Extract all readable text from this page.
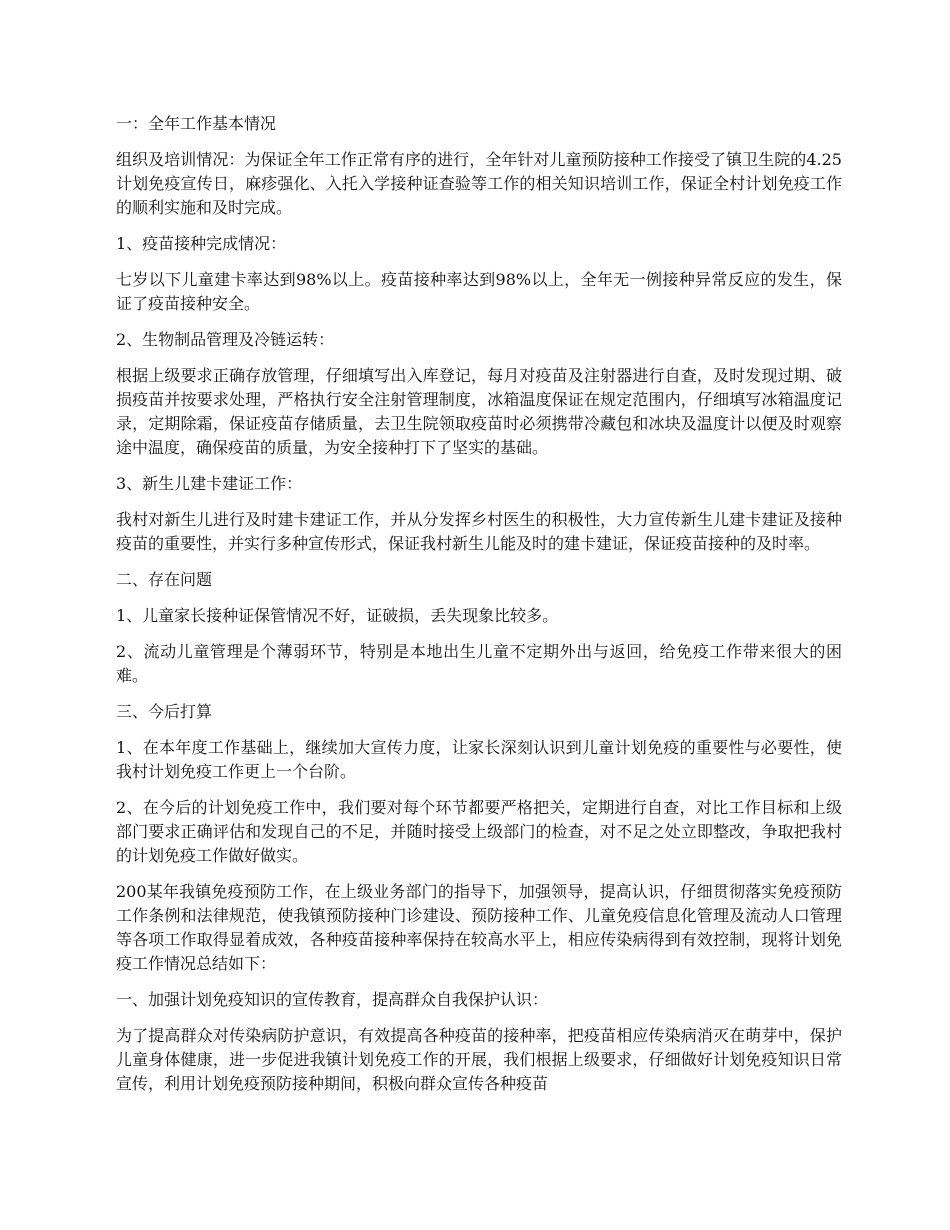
一：全年工作基本情况

组织及培训情况：为保证全年工作正常有序的进行，全年针对儿童预防接种工作接受了镇卫生院的4.25计划免疫宣传日，麻疹强化、入托入学接种证查验等工作的相关知识培训工作，保证全村计划免疫工作的顺利实施和及时完成。

1、疫苗接种完成情况：

七岁以下儿童建卡率达到98%以上。疫苗接种率达到98%以上，全年无一例接种异常反应的发生，保证了疫苗接种安全。

2、生物制品管理及冷链运转：

根据上级要求正确存放管理，仔细填写出入库登记，每月对疫苗及注射器进行自查，及时发现过期、破损疫苗并按要求处理，严格执行安全注射管理制度，冰箱温度保证在规定范围内，仔细填写冰箱温度记录，定期除霜，保证疫苗存储质量，去卫生院领取疫苗时必须携带冷藏包和冰块及温度计以便及时观察途中温度，确保疫苗的质量，为安全接种打下了坚实的基础。

3、新生儿建卡建证工作：

我村对新生儿进行及时建卡建证工作，并从分发挥乡村医生的积极性，大力宣传新生儿建卡建证及接种疫苗的重要性，并实行多种宣传形式，保证我村新生儿能及时的建卡建证，保证疫苗接种的及时率。

二、存在问题

1、儿童家长接种证保管情况不好，证破损，丢失现象比较多。

2、流动儿童管理是个薄弱环节，特别是本地出生儿童不定期外出与返回，给免疫工作带来很大的困难。

三、今后打算

1、在本年度工作基础上，继续加大宣传力度，让家长深刻认识到儿童计划免疫的重要性与必要性，使我村计划免疫工作更上一个台阶。

2、在今后的计划免疫工作中，我们要对每个环节都要严格把关，定期进行自查，对比工作目标和上级部门要求正确评估和发现自己的不足，并随时接受上级部门的检查，对不足之处立即整改，争取把我村的计划免疫工作做好做实。

200某年我镇免疫预防工作，在上级业务部门的指导下，加强领导，提高认识，仔细贯彻落实免疫预防工作条例和法律规范，使我镇预防接种门诊建设、预防接种工作、儿童免疫信息化管理及流动人口管理等各项工作取得显着成效，各种疫苗接种率保持在较高水平上，相应传染病得到有效控制，现将计划免疫工作情况总结如下：

一、加强计划免疫知识的宣传教育，提高群众自我保护认识：

为了提高群众对传染病防护意识，有效提高各种疫苗的接种率，把疫苗相应传染病消灭在萌芽中，保护儿童身体健康，进一步促进我镇计划免疫工作的开展，我们根据上级要求，仔细做好计划免疫知识日常宣传，利用计划免疫预防接种期间，积极向群众宣传各种疫苗
